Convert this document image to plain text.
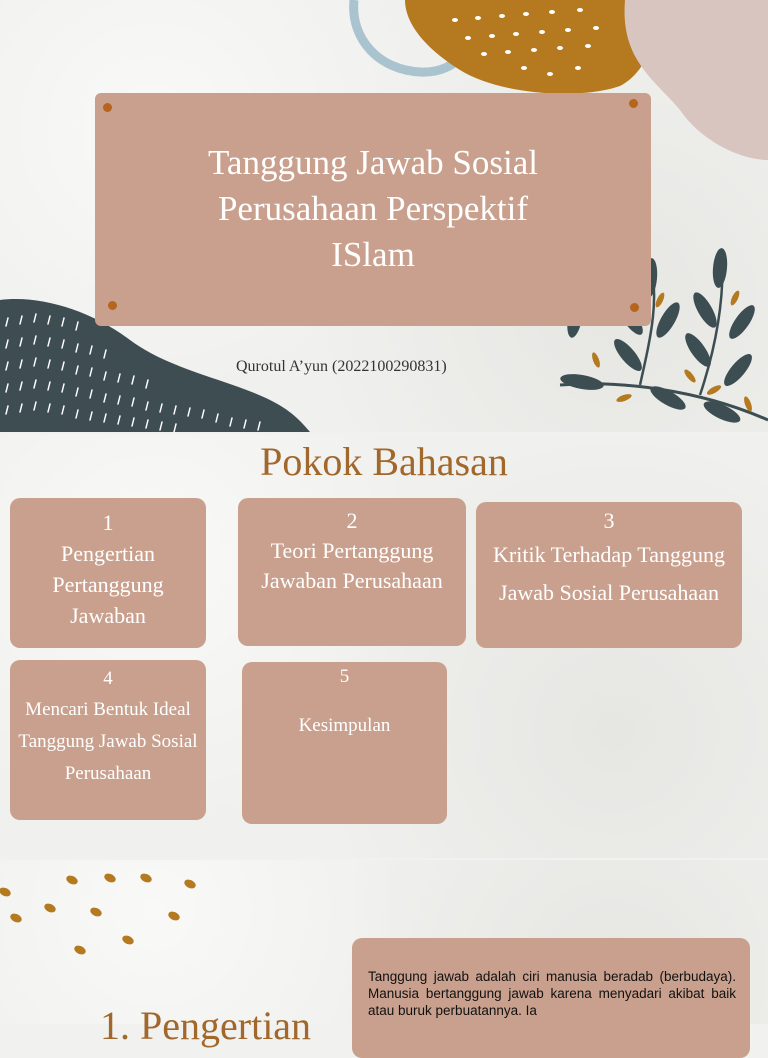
Tanggung Jawab Sosial
Perusahaan Perspektif
ISlam
Qurotul A’yun (2022100290831)
Pokok Bahasan
1
Pengertian Pertanggung Jawaban
2
Teori Pertanggung Jawaban Perusahaan
3
Kritik Terhadap Tanggung Jawab Sosial Perusahaan
4
Mencari Bentuk Ideal Tanggung Jawab Sosial Perusahaan
5
Kesimpulan
Tanggung jawab adalah ciri manusia beradab (berbudaya). Manusia bertanggung jawab karena menyadari akibat baik atau buruk perbuatannya. Ia
1. Pengertian
